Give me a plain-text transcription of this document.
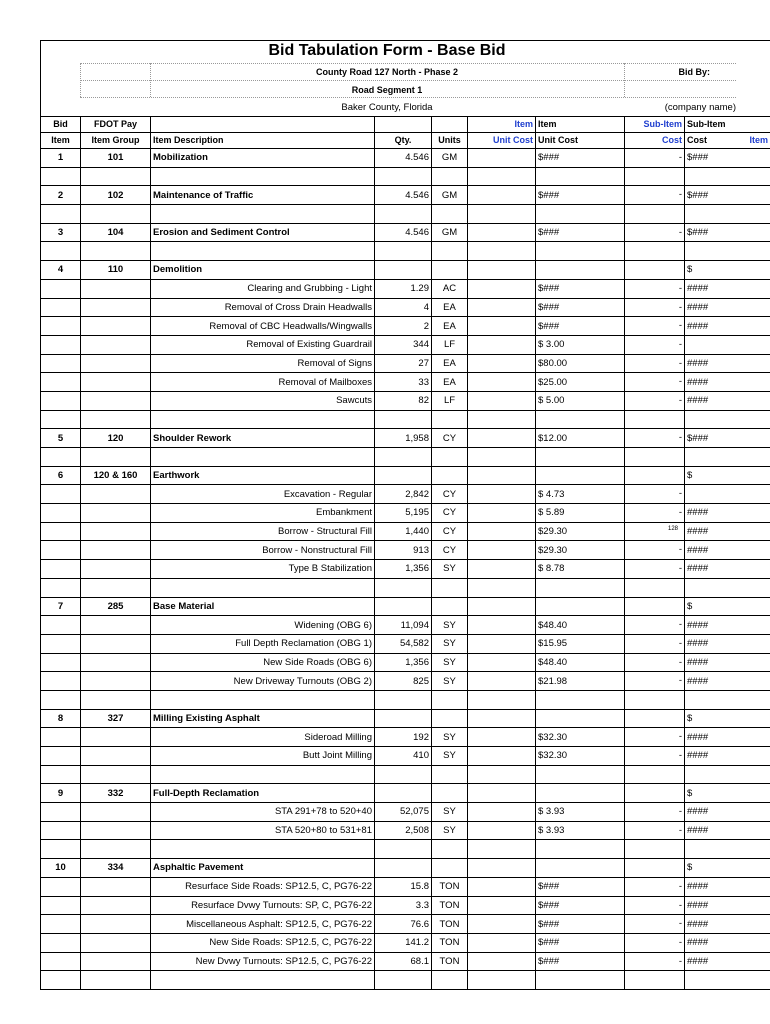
Bid Tabulation Form - Base Bid
County Road 127 North - Phase 2
Road Segment 1
Baker County, Florida
Bid By:
(company name)
Bid	FDOT Pay				Item	Item	Sub-Item	Sub-Item
Item	Item Group	Item Description	Qty.	Units	Unit Cost	Unit Cost	Cost	Cost Item

1	101	Mobilization	4.546	GM		$###	-	$###

2	102	Maintenance of Traffic	4.546	GM		$###	-	$###

3	104	Erosion and Sediment Control	4.546	GM		$###	-	$###

4	110	Demolition						$
		Clearing and Grubbing - Light	1.29	AC		$###	-	####
		Removal of Cross Drain Headwalls	4	EA		$###	-	####
		Removal of CBC Headwalls/Wingwalls	2	EA		$###	-	####
		Removal of Existing Guardrail	344	LF		$ 3.00	-	

		Removal of Signs	27	EA		$80.00	-	####
		Removal of Mailboxes	33	EA		$25.00	-	####
		Sawcuts	82	LF		$ 5.00	-	####

5	120	Shoulder Rework	1,958	CY		$12.00	-	$###

6	120 & 160	Earthwork						$
		Excavation - Regular	2,842	CY		$ 4.73	-	

		Embankment	5,195	CY		$ 5.89	-	####
		Borrow - Structural Fill	1,440	CY		$29.30	128	####
		Borrow - Nonstructural Fill	913	CY		$29.30	-	####
		Type B Stabilization	1,356	SY		$ 8.78	-	####

7	285	Base Material						$
		Widening (OBG 6)	11,094	SY		$48.40	-	####
		Full Depth Reclamation (OBG 1)	54,582	SY		$15.95	-	####
		New Side Roads (OBG 6)	1,356	SY		$48.40	-	####
		New Driveway Turnouts (OBG 2)	825	SY		$21.98	-	####

8	327	Milling Existing Asphalt						$
		Sideroad Milling	192	SY		$32.30	-	####
		Butt Joint Milling	410	SY		$32.30	-	####

9	332	Full-Depth Reclamation						$
		STA 291+78 to 520+40	52,075	SY		$ 3.93	-	####
		STA 520+80 to 531+81	2,508	SY		$ 3.93	-	####

10	334	Asphaltic Pavement						$
		Resurface Side Roads: SP12.5, C, PG76-22	15.8	TON		$###	-	####
		Resurface Dvwy Turnouts: SP, C, PG76-22	3.3	TON		$###	-	####
		Miscellaneous Asphalt: SP12.5, C, PG76-22	76.6	TON		$###	-	####
		New Side Roads: SP12.5, C, PG76-22	141.2	TON		$###	-	####
		New Dvwy Turnouts: SP12.5, C, PG76-22	68.1	TON		$###	-	####
